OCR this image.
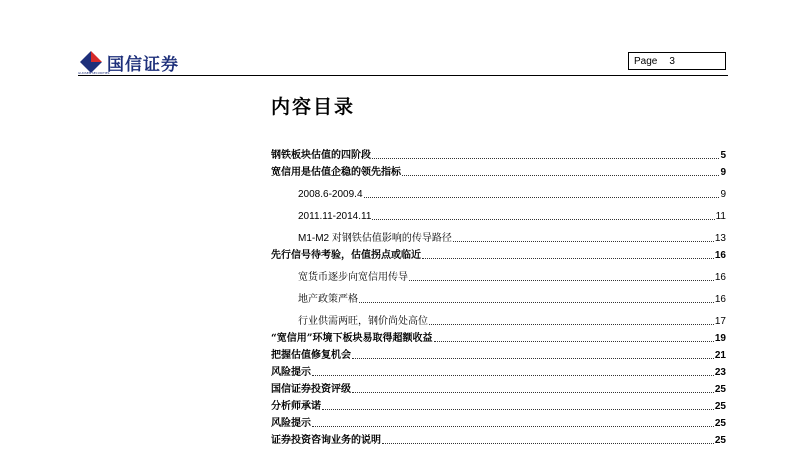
国信证券
GUOSEN SECURITIES
Page 3
内容目录
钢铁板块估值的四阶段	5
宽信用是估值企稳的领先指标	9
2008.6-2009.4	9
2011.11-2014.11	11
M1-M2 对钢铁估值影响的传导路径	13
先行信号待考验，估值拐点或临近	16
宽货币逐步向宽信用传导	16
地产政策严格	16
行业供需两旺，钢价尚处高位	17
“宽信用”环境下板块易取得超额收益	19
把握估值修复机会	21
风险提示	23
国信证券投资评级	25
分析师承诺	25
风险提示	25
证券投资咨询业务的说明	25
